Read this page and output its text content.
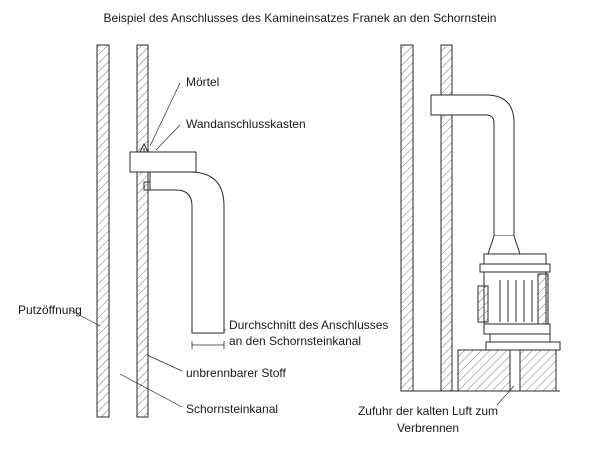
Beispiel des Anschlusses des Kamineinsatzes Franek an den Schornstein
Mörtel
Wandanschlusskasten
Putzöffnung
Durchschnitt des Anschlusses
an den Schornsteinkanal
unbrennbarer Stoff
Schornsteinkanal	Zufuhr der kalten Luft zum
Verbrennen
